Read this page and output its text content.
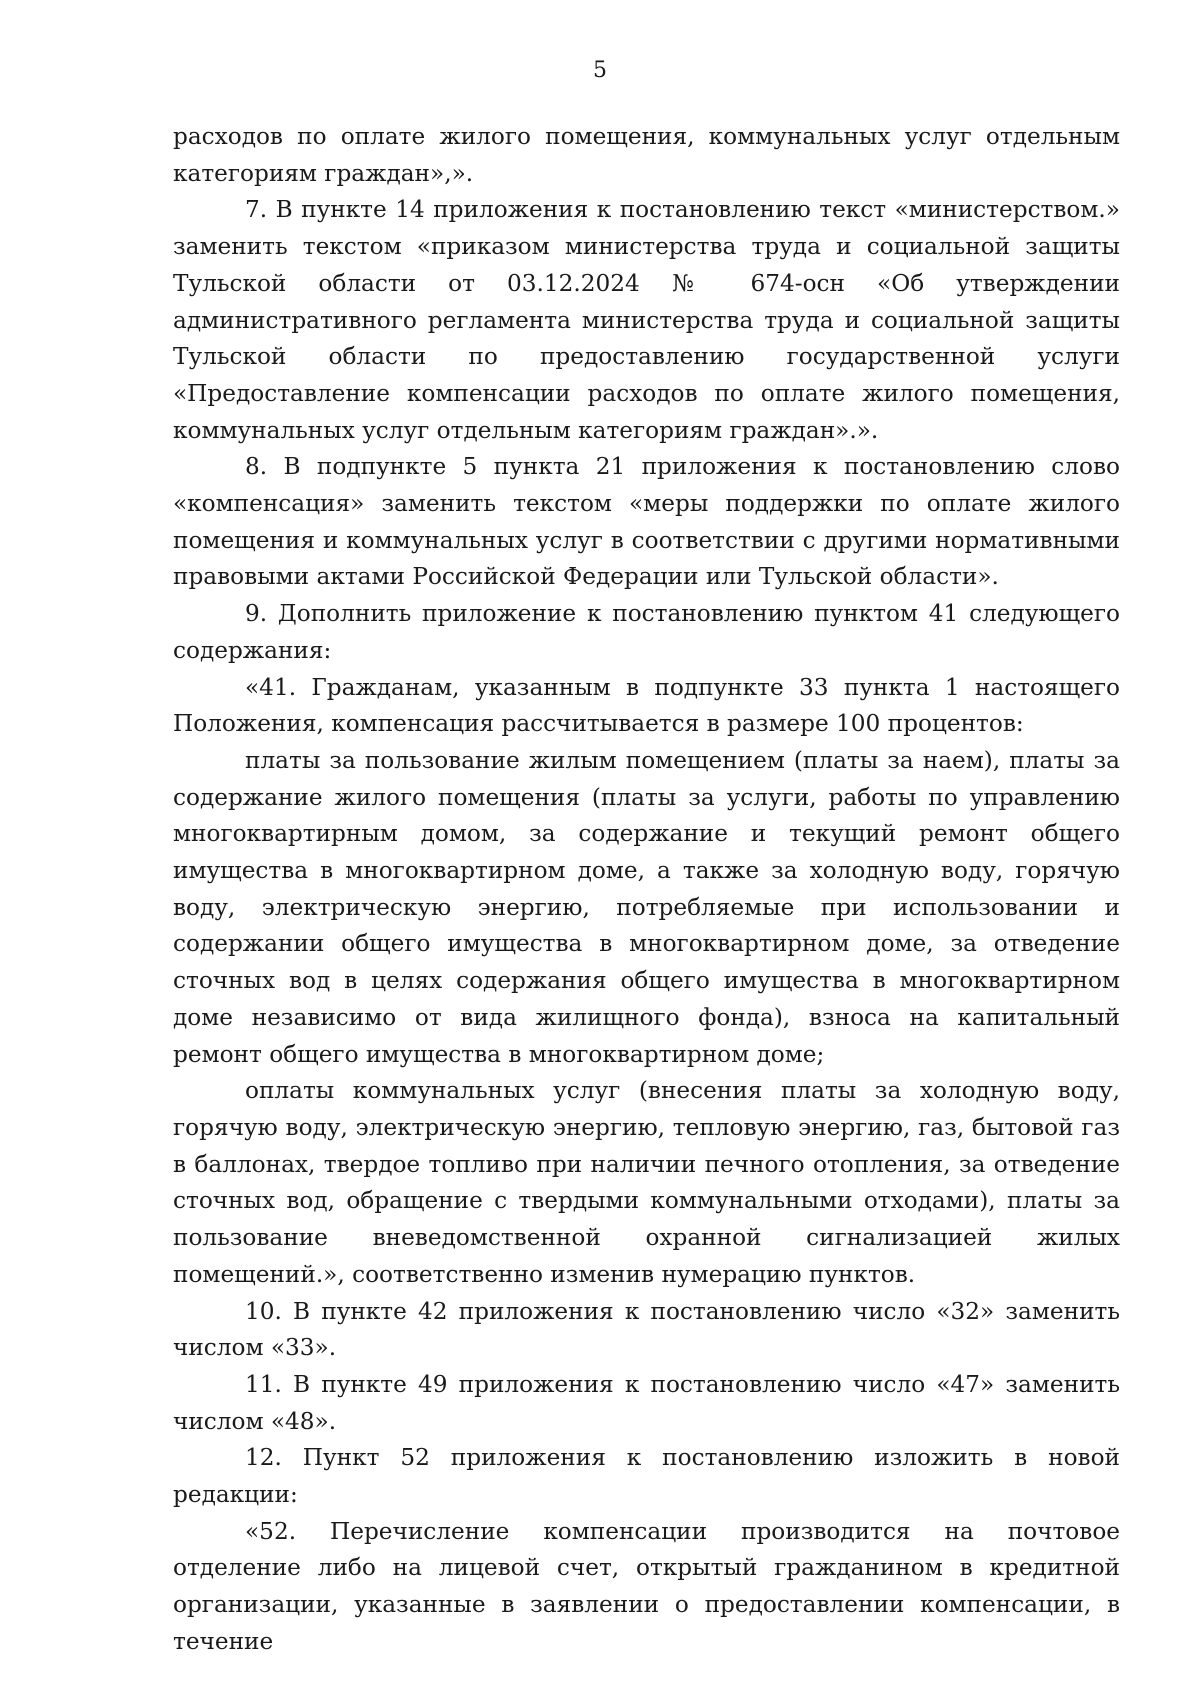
5

расходов по оплате жилого помещения, коммунальных услуг отдельным категориям граждан»,».

7. В пункте 14 приложения к постановлению текст «министерством.» заменить текстом «приказом министерства труда и социальной защиты Тульской области от 03.12.2024 № 674-осн «Об утверждении административного регламента министерства труда и социальной защиты Тульской области по предоставлению государственной услуги «Предоставление компенсации расходов по оплате жилого помещения, коммунальных услуг отдельным категориям граждан».».

8. В подпункте 5 пункта 21 приложения к постановлению слово «компенсация» заменить текстом «меры поддержки по оплате жилого помещения и коммунальных услуг в соответствии с другими нормативными правовыми актами Российской Федерации или Тульской области».

9. Дополнить приложение к постановлению пунктом 41 следующего содержания:

«41. Гражданам, указанным в подпункте 33 пункта 1 настоящего Положения, компенсация рассчитывается в размере 100 процентов:

платы за пользование жилым помещением (платы за наем), платы за содержание жилого помещения (платы за услуги, работы по управлению многоквартирным домом, за содержание и текущий ремонт общего имущества в многоквартирном доме, а также за холодную воду, горячую воду, электрическую энергию, потребляемые при использовании и содержании общего имущества в многоквартирном доме, за отведение сточных вод в целях содержания общего имущества в многоквартирном доме независимо от вида жилищного фонда), взноса на капитальный ремонт общего имущества в многоквартирном доме;

оплаты коммунальных услуг (внесения платы за холодную воду, горячую воду, электрическую энергию, тепловую энергию, газ, бытовой газ в баллонах, твердое топливо при наличии печного отопления, за отведение сточных вод, обращение с твердыми коммунальными отходами), платы за пользование вневедомственной охранной сигнализацией жилых помещений.», соответственно изменив нумерацию пунктов.

10. В пункте 42 приложения к постановлению число «32» заменить числом «33».

11. В пункте 49 приложения к постановлению число «47» заменить числом «48».

12. Пункт 52 приложения к постановлению изложить в новой редакции:

«52. Перечисление компенсации производится на почтовое отделение либо на лицевой счет, открытый гражданином в кредитной организации, указанные в заявлении о предоставлении компенсации, в течение
